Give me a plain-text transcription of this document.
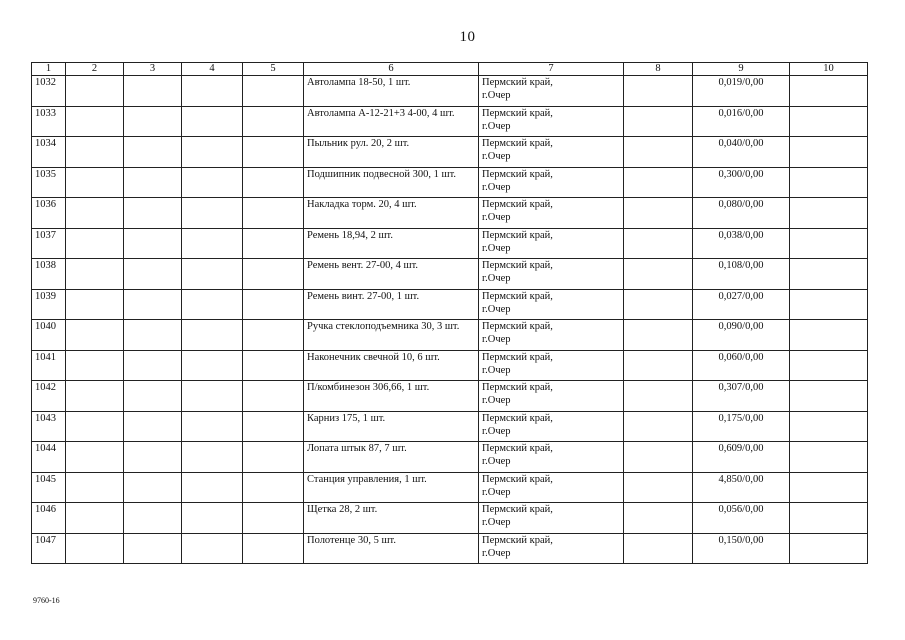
10
1	2	3	4	5	6	7	8	9	10
1032					Автолампа 18-50, 1 шт.	Пермский край,
г.Очер		0,019/0,00	
1033					Автолампа А-12-21+3 4-00, 4 шт.	Пермский край,
г.Очер		0,016/0,00	
1034					Пыльник рул. 20, 2 шт.	Пермский край,
г.Очер		0,040/0,00	
1035					Подшипник подвесной 300, 1 шт.	Пермский край,
г.Очер		0,300/0,00	
1036					Накладка торм. 20, 4 шт.	Пермский край,
г.Очер		0,080/0,00	
1037					Ремень 18,94, 2 шт.	Пермский край,
г.Очер		0,038/0,00	
1038					Ремень вент. 27-00, 4 шт.	Пермский край,
г.Очер		0,108/0,00	
1039					Ремень винт. 27-00, 1 шт.	Пермский край,
г.Очер		0,027/0,00	
1040					Ручка стеклоподъемника 30, 3 шт.	Пермский край,
г.Очер		0,090/0,00	
1041					Наконечник свечной 10, 6 шт.	Пермский край,
г.Очер		0,060/0,00	
1042					П/комбинезон 306,66, 1 шт.	Пермский край,
г.Очер		0,307/0,00	
1043					Карниз 175, 1 шт.	Пермский край,
г.Очер		0,175/0,00	
1044					Лопата штык 87, 7 шт.	Пермский край,
г.Очер		0,609/0,00	
1045					Станция управления, 1 шт.	Пермский край,
г.Очер		4,850/0,00	
1046					Щетка 28, 2 шт.	Пермский край,
г.Очер		0,056/0,00	
1047					Полотенце 30, 5 шт.	Пермский край,
г.Очер		0,150/0,00	
9760-16
